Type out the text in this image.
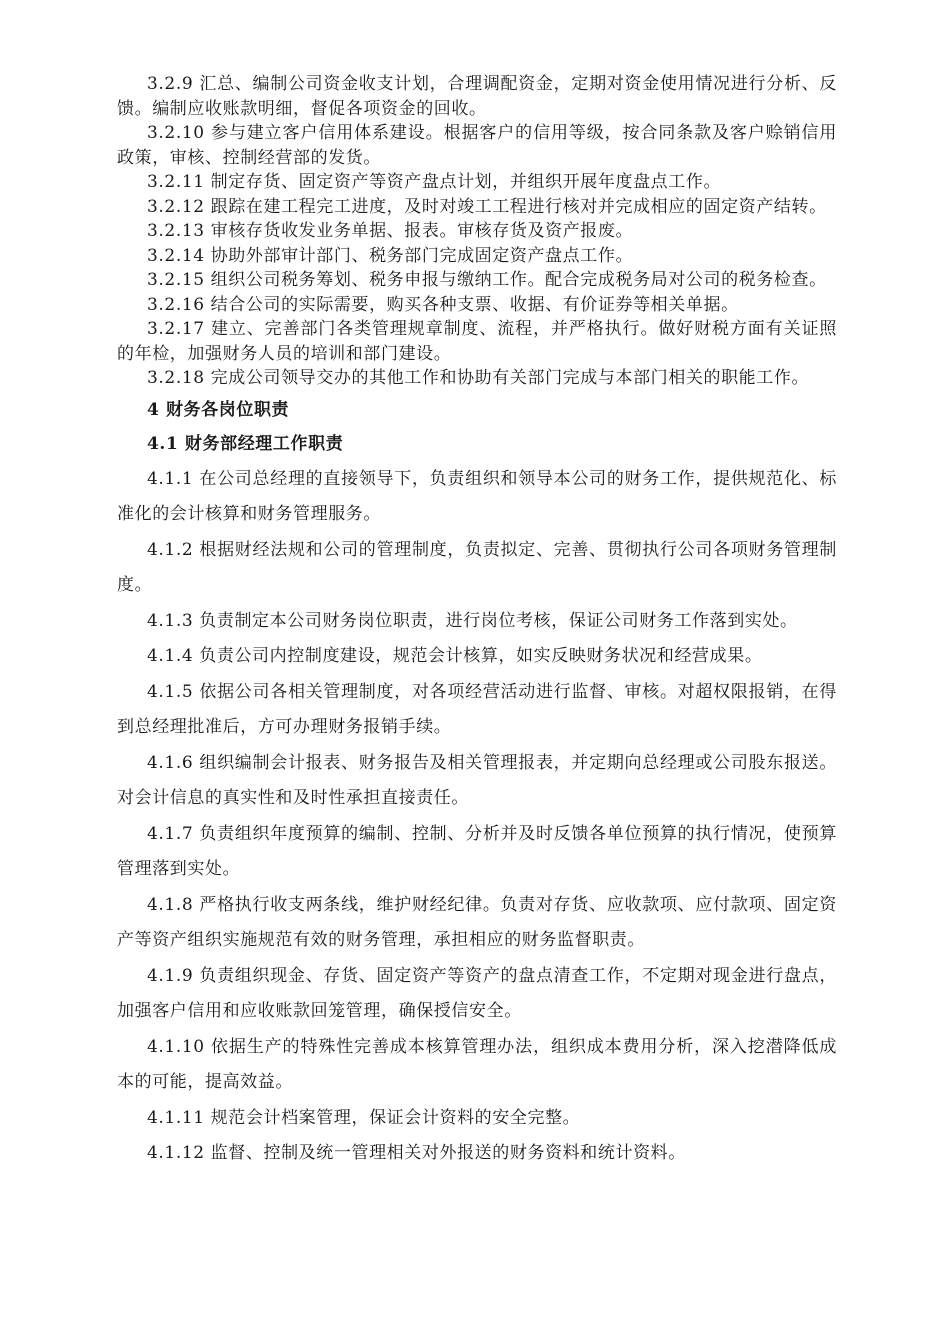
3.2.9 汇总、编制公司资金收支计划，合理调配资金，定期对资金使用情况进行分析、反馈。编制应收账款明细，督促各项资金的回收。

3.2.10 参与建立客户信用体系建设。根据客户的信用等级，按合同条款及客户赊销信用政策，审核、控制经营部的发货。

3.2.11 制定存货、固定资产等资产盘点计划，并组织开展年度盘点工作。

3.2.12 跟踪在建工程完工进度，及时对竣工工程进行核对并完成相应的固定资产结转。

3.2.13 审核存货收发业务单据、报表。审核存货及资产报废。

3.2.14 协助外部审计部门、税务部门完成固定资产盘点工作。

3.2.15 组织公司税务筹划、税务申报与缴纳工作。配合完成税务局对公司的税务检查。

3.2.16 结合公司的实际需要，购买各种支票、收据、有价证券等相关单据。

3.2.17 建立、完善部门各类管理规章制度、流程，并严格执行。做好财税方面有关证照的年检，加强财务人员的培训和部门建设。

3.2.18 完成公司领导交办的其他工作和协助有关部门完成与本部门相关的职能工作。

4 财务各岗位职责

4.1 财务部经理工作职责

4.1.1 在公司总经理的直接领导下，负责组织和领导本公司的财务工作，提供规范化、标准化的会计核算和财务管理服务。

4.1.2 根据财经法规和公司的管理制度，负责拟定、完善、贯彻执行公司各项财务管理制度。

4.1.3 负责制定本公司财务岗位职责，进行岗位考核，保证公司财务工作落到实处。

4.1.4 负责公司内控制度建设，规范会计核算，如实反映财务状况和经营成果。

4.1.5 依据公司各相关管理制度，对各项经营活动进行监督、审核。对超权限报销，在得到总经理批准后，方可办理财务报销手续。

4.1.6 组织编制会计报表、财务报告及相关管理报表，并定期向总经理或公司股东报送。对会计信息的真实性和及时性承担直接责任。

4.1.7 负责组织年度预算的编制、控制、分析并及时反馈各单位预算的执行情况，使预算管理落到实处。

4.1.8 严格执行收支两条线，维护财经纪律。负责对存货、应收款项、应付款项、固定资产等资产组织实施规范有效的财务管理，承担相应的财务监督职责。

4.1.9 负责组织现金、存货、固定资产等资产的盘点清查工作，不定期对现金进行盘点，加强客户信用和应收账款回笼管理，确保授信安全。

4.1.10 依据生产的特殊性完善成本核算管理办法，组织成本费用分析，深入挖潜降低成本的可能，提高效益。

4.1.11 规范会计档案管理，保证会计资料的安全完整。

4.1.12 监督、控制及统一管理相关对外报送的财务资料和统计资料。
